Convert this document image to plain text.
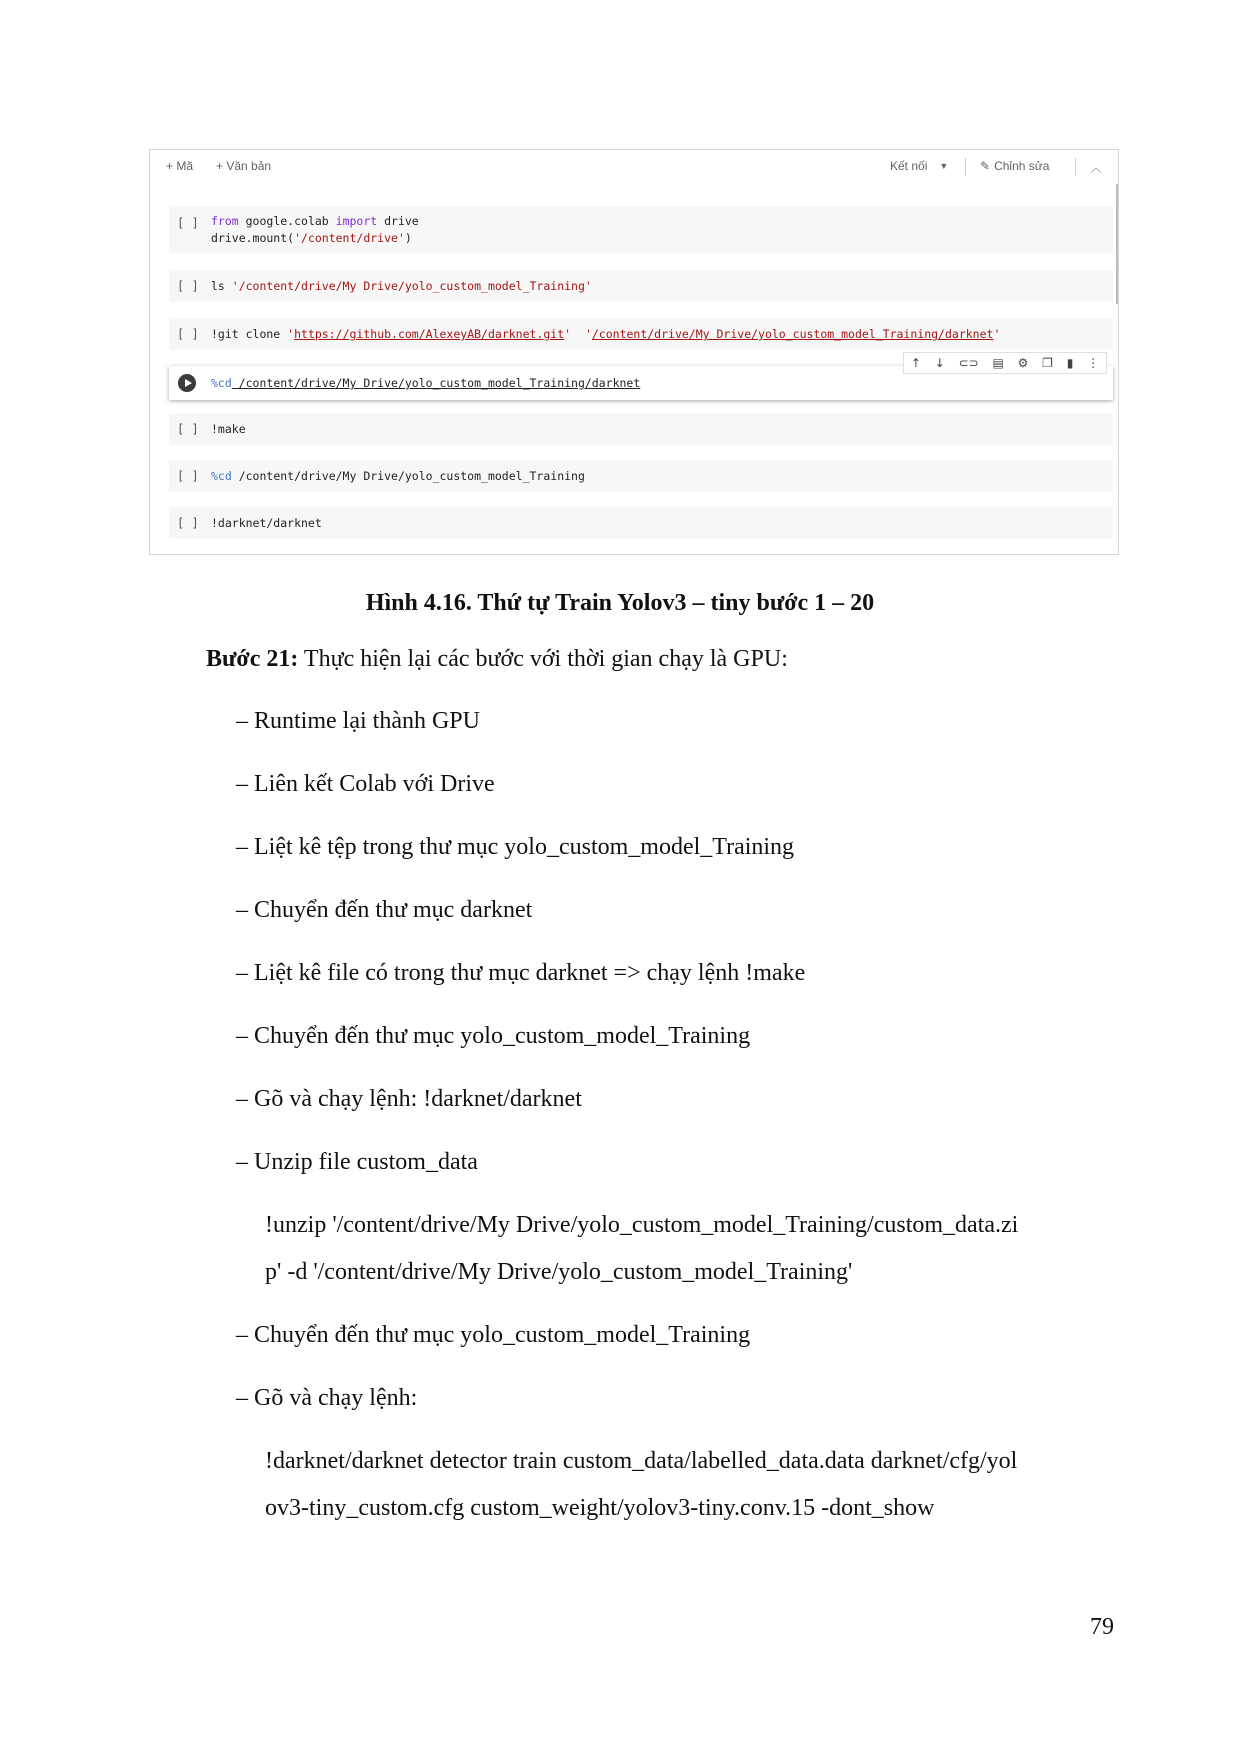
+ Mã + Văn bản	Kết nối ▼	✎ Chỉnh sửa	︿
[ ] from google.colab import drive
drive.mount('/content/drive')
[ ] ls '/content/drive/My Drive/yolo_custom_model_Training'
[ ] !git clone 'https://github.com/AlexeyAB/darknet.git' '/content/drive/My Drive/yolo_custom_model_Training/darknet'
%cd /content/drive/My Drive/yolo_custom_model_Training/darknet
[ ] !make
[ ] %cd /content/drive/My Drive/yolo_custom_model_Training
[ ] !darknet/darknet
↑ ↓ ⊂⊃ ▤ ⚙ ❐ ▮ ⋮
Hình 4.16. Thứ tự Train Yolov3 – tiny bước 1 – 20
Bước 21: Thực hiện lại các bước với thời gian chạy là GPU:
– Runtime lại thành GPU
– Liên kết Colab với Drive
– Liệt kê tệp trong thư mục yolo_custom_model_Training
– Chuyển đến thư mục darknet
– Liệt kê file có trong thư mục darknet => chạy lệnh !make
– Chuyển đến thư mục yolo_custom_model_Training
– Gõ và chạy lệnh: !darknet/darknet
– Unzip file custom_data
!unzip '/content/drive/My Drive/yolo_custom_model_Training/custom_data.zi
p' -d '/content/drive/My Drive/yolo_custom_model_Training'
– Chuyển đến thư mục yolo_custom_model_Training
– Gõ và chạy lệnh:
!darknet/darknet detector train custom_data/labelled_data.data darknet/cfg/yol
ov3-tiny_custom.cfg custom_weight/yolov3-tiny.conv.15 -dont_show
79
